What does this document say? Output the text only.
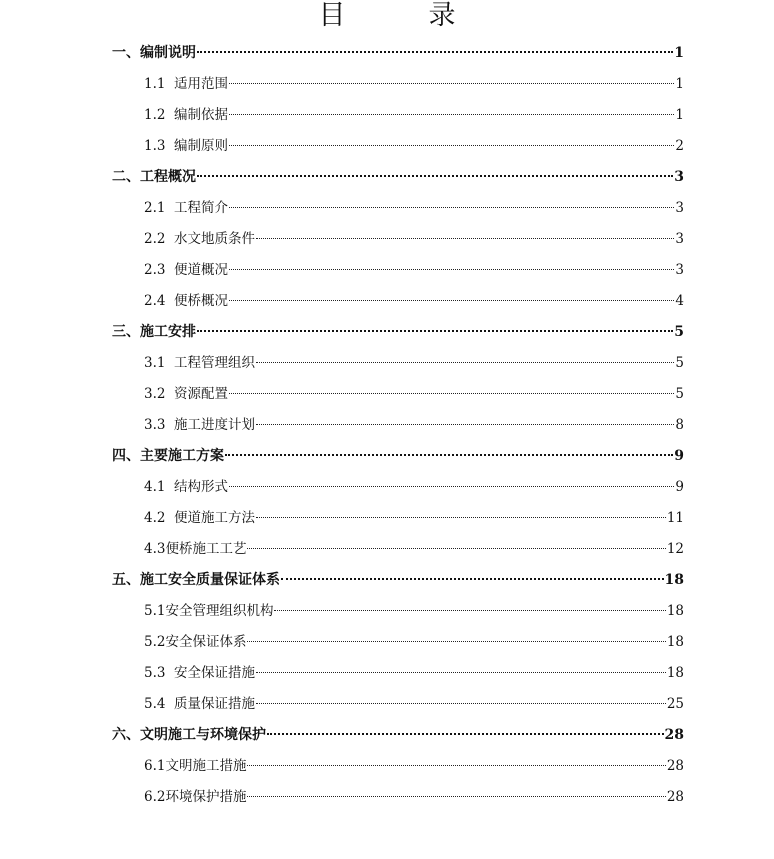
目　录
一、编制说明	1
1.1  适用范围	1
1.2  编制依据	1
1.3  编制原则	2
二、工程概况	3
2.1  工程简介	3
2.2  水文地质条件	3
2.3  便道概况	3
2.4  便桥概况	4
三、施工安排	5
3.1  工程管理组织	5
3.2  资源配置	5
3.3  施工进度计划	8
四、主要施工方案	9
4.1  结构形式	9
4.2  便道施工方法	11
4.3便桥施工工艺	12
五、施工安全质量保证体系	18
5.1安全管理组织机构	18
5.2安全保证体系	18
5.3  安全保证措施	18
5.4  质量保证措施	25
六、文明施工与环境保护	28
6.1文明施工措施	28
6.2环境保护措施	28
